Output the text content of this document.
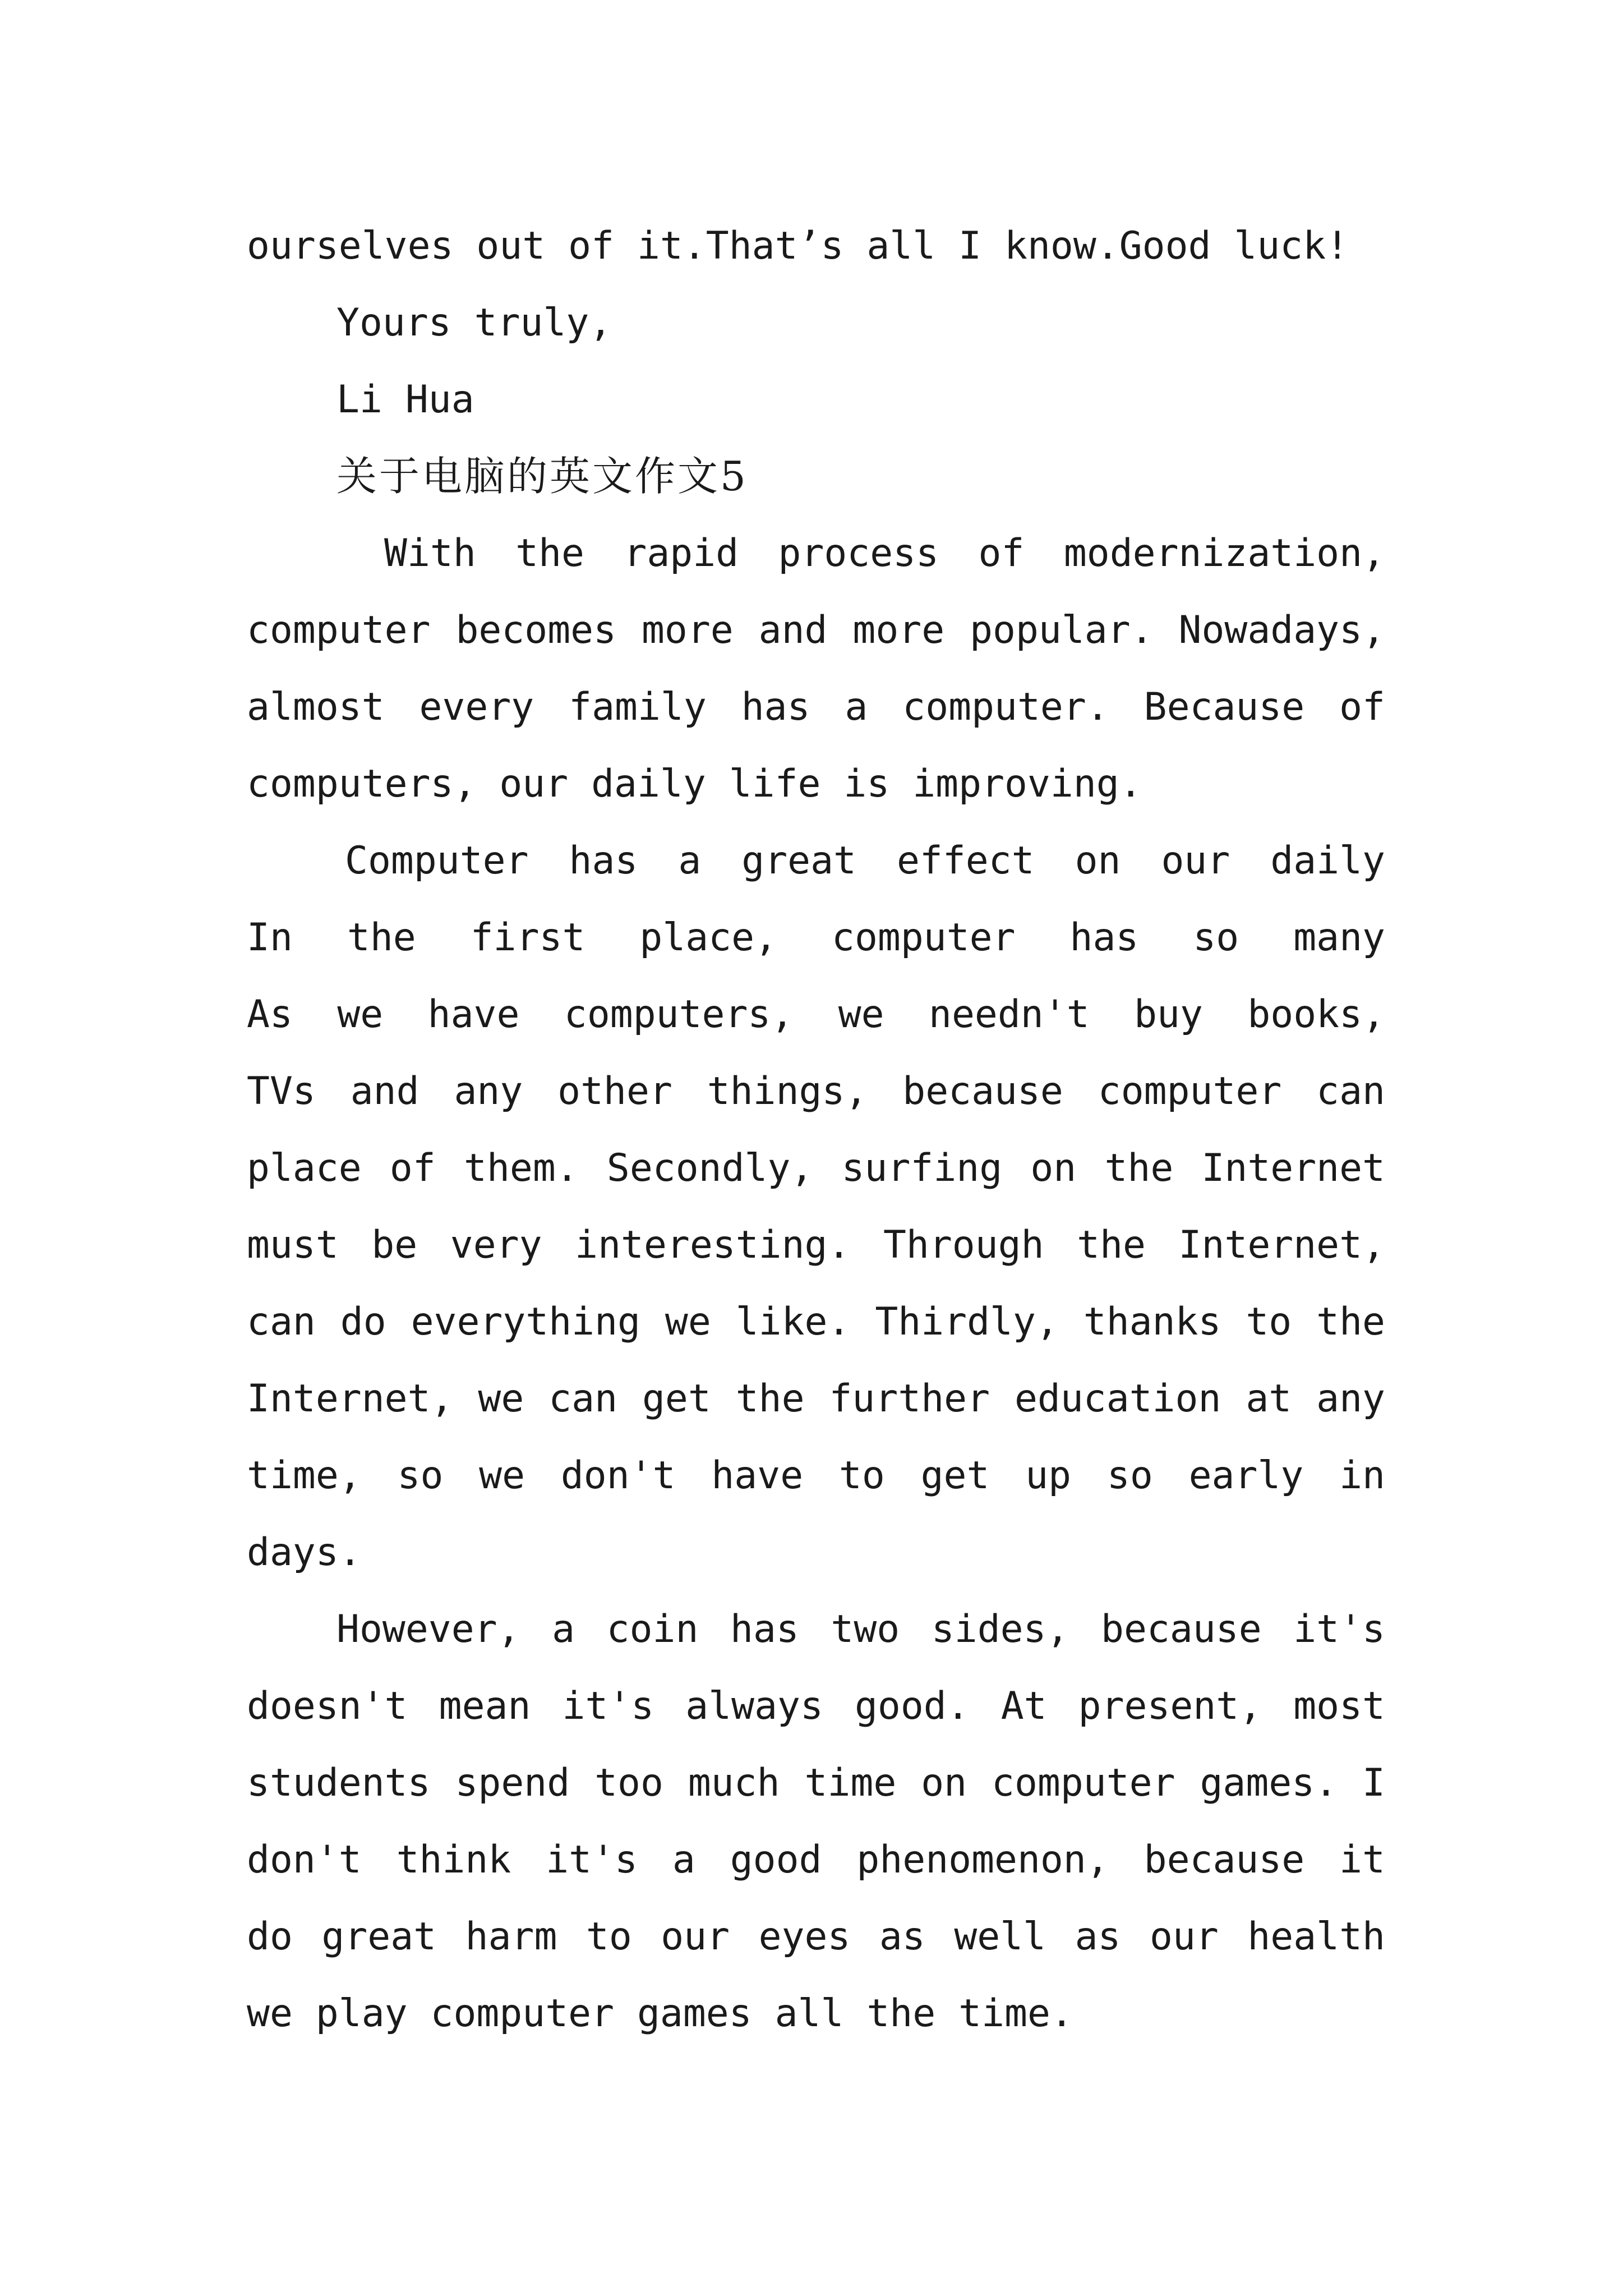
ourselves out of it.That’s all I know.Good luck!
Yours truly,
Li Hua
关于电脑的英文作文5
With the rapid process of modernization,
computer becomes more and more popular. Nowadays,
almost every family has a computer. Because of
computers, our daily life is improving.
Computer has a great effect on our daily
In the first place, computer has so many
As we have computers, we needn't buy books,
TVs and any other things, because computer can
place of them. Secondly, surfing on the Internet
must be very interesting. Through the Internet,
can do everything we like. Thirdly, thanks to the
Internet, we can get the further education at any
time, so we don't have to get up so early in
days.
However, a coin has two sides, because it's
doesn't mean it's always good. At present, most
students spend too much time on computer games. I
don't think it's a good phenomenon, because it
do great harm to our eyes as well as our health
we play computer games all the time.
